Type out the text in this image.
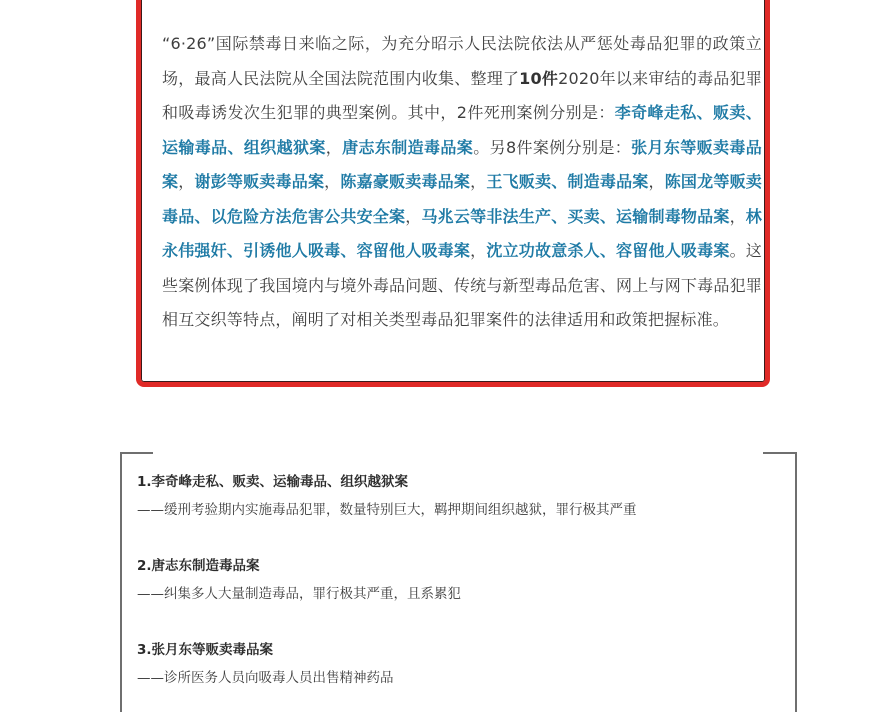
“6·26”国际禁毒日来临之际，为充分昭示人民法院依法从严惩处毒品犯罪的政策立场，最高人民法院从全国法院范围内收集、整理了10件2020年以来审结的毒品犯罪和吸毒诱发次生犯罪的典型案例。其中，2件死刑案例分别是：李奇峰走私、贩卖、运输毒品、组织越狱案，唐志东制造毒品案。另8件案例分别是：张月东等贩卖毒品案，谢彭等贩卖毒品案，陈嘉豪贩卖毒品案，王飞贩卖、制造毒品案，陈国龙等贩卖毒品、以危险方法危害公共安全案，马兆云等非法生产、买卖、运输制毒物品案，林永伟强奸、引诱他人吸毒、容留他人吸毒案，沈立功故意杀人、容留他人吸毒案。这些案例体现了我国境内与境外毒品问题、传统与新型毒品危害、网上与网下毒品犯罪相互交织等特点，阐明了对相关类型毒品犯罪案件的法律适用和政策把握标准。
1.李奇峰走私、贩卖、运输毒品、组织越狱案
——缓刑考验期内实施毒品犯罪，数量特别巨大，羁押期间组织越狱，罪行极其严重
2.唐志东制造毒品案
——纠集多人大量制造毒品，罪行极其严重，且系累犯
3.张月东等贩卖毒品案
——诊所医务人员向吸毒人员出售精神药品
